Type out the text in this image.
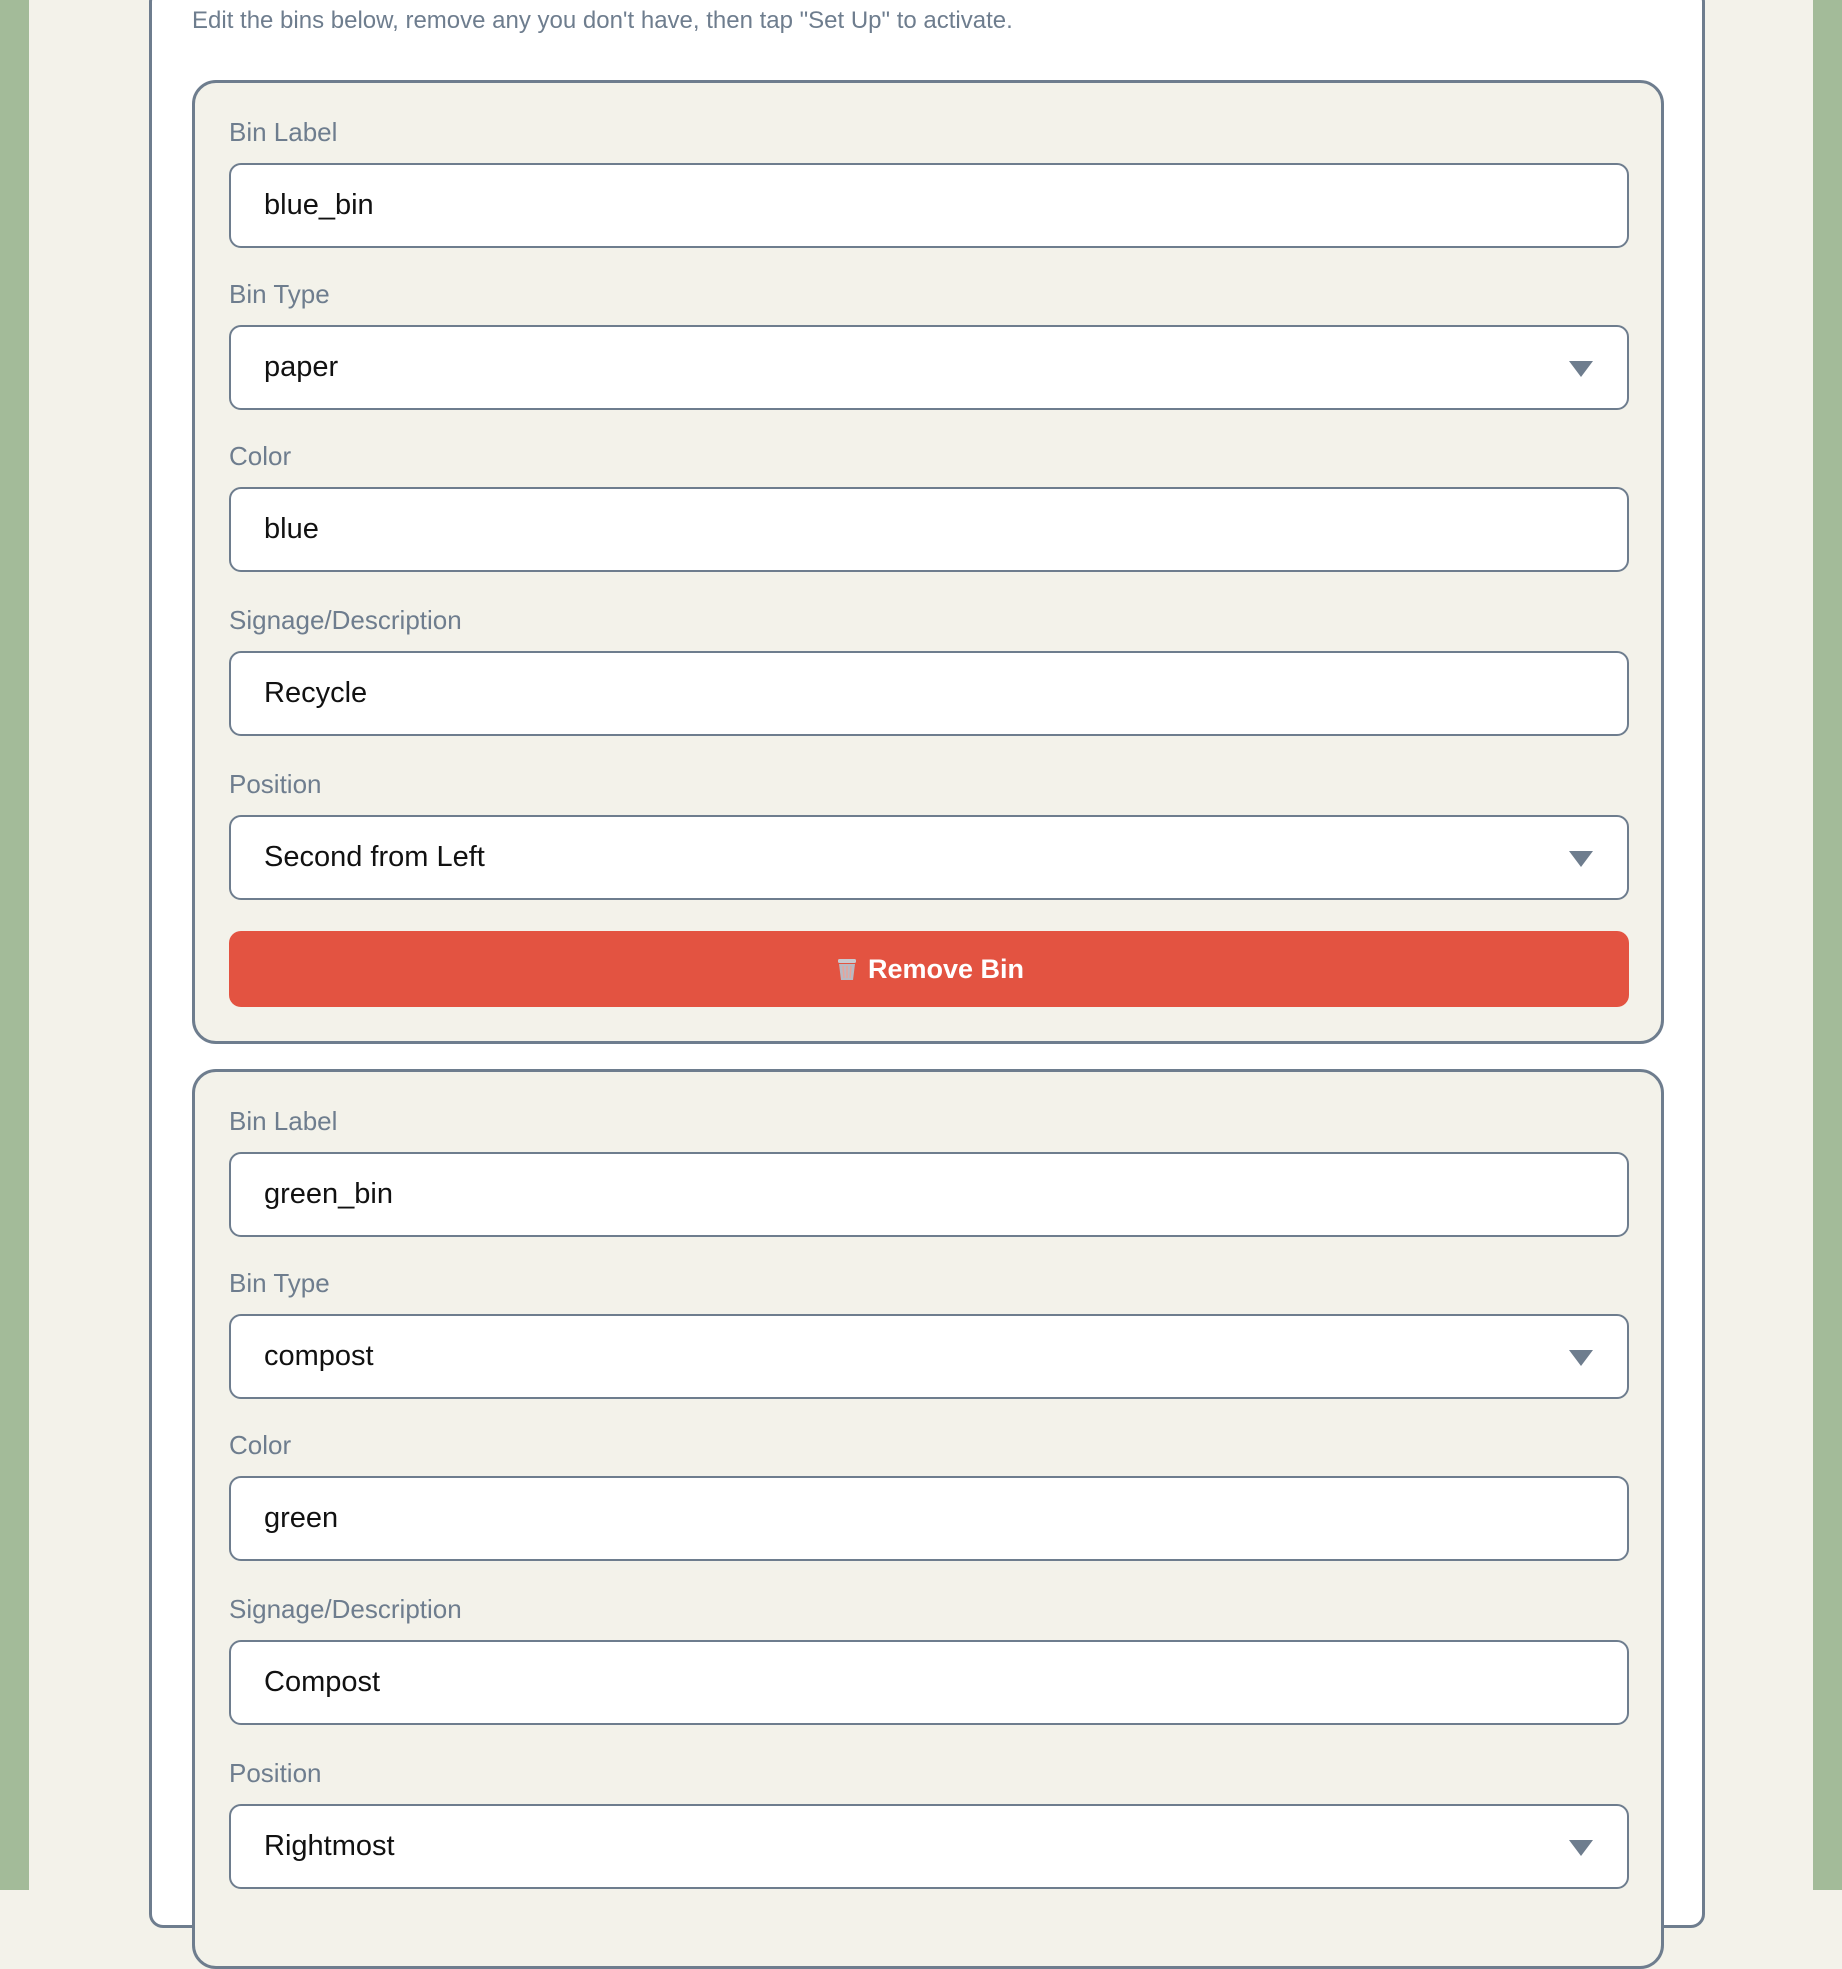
Edit the bins below, remove any you don't have, then tap "Set Up" to activate.

Bin Label
blue_bin
Bin Type
paper
Color
blue
Signage/Description
Recycle
Position
Second from Left
Remove Bin
Bin Label
green_bin
Bin Type
compost
Color
green
Signage/Description
Compost
Position
Rightmost
